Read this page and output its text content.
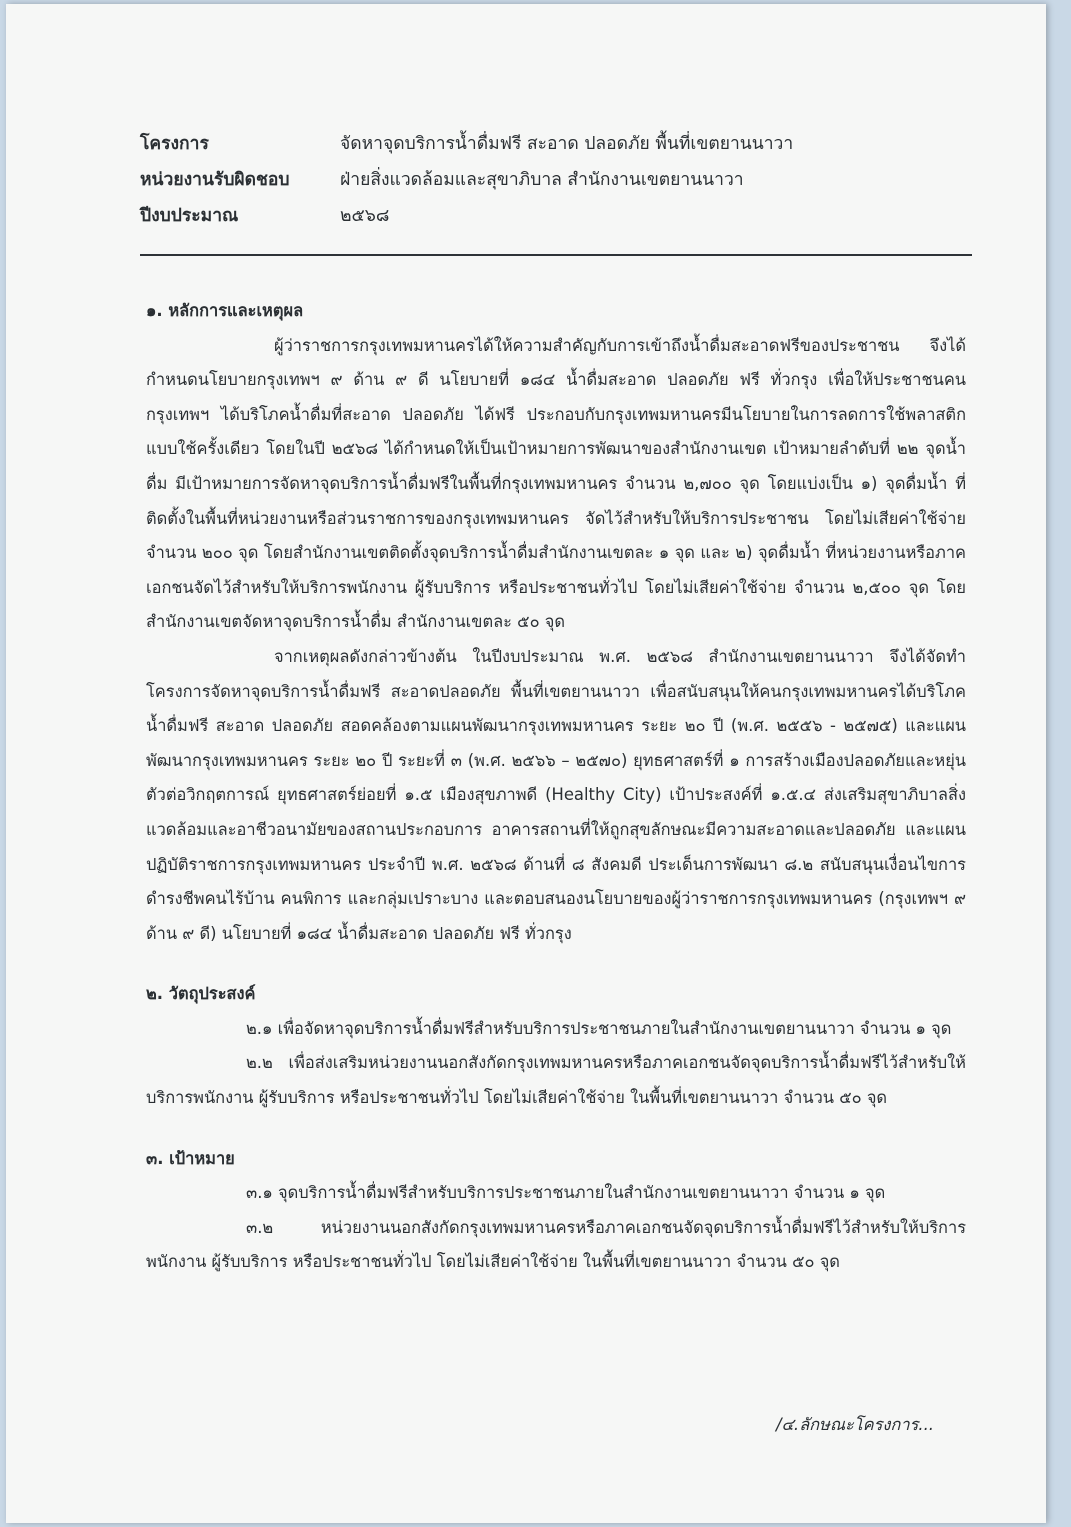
โครงการ	จัดหาจุดบริการน้ำดื่มฟรี สะอาด ปลอดภัย พื้นที่เขตยานนาวา
หน่วยงานรับผิดชอบ	ฝ่ายสิ่งแวดล้อมและสุขาภิบาล สำนักงานเขตยานนาวา
ปีงบประมาณ	๒๕๖๘

๑. หลักการและเหตุผล

ผู้ว่าราชการกรุงเทพมหานครได้ให้ความสำคัญกับการเข้าถึงน้ำดื่มสะอาดฟรีของประชาชน จึงได้กำหนดนโยบายกรุงเทพฯ ๙ ด้าน ๙ ดี นโยบายที่ ๑๘๔ น้ำดื่มสะอาด ปลอดภัย ฟรี ทั่วกรุง เพื่อให้ประชาชนคนกรุงเทพฯ ได้บริโภคน้ำดื่มที่สะอาด ปลอดภัย ได้ฟรี ประกอบกับกรุงเทพมหานครมีนโยบายในการลดการใช้พลาสติกแบบใช้ครั้งเดียว โดยในปี ๒๕๖๘ ได้กำหนดให้เป็นเป้าหมายการพัฒนาของสำนักงานเขต เป้าหมายลำดับที่ ๒๒ จุดน้ำดื่ม มีเป้าหมายการจัดหาจุดบริการน้ำดื่มฟรีในพื้นที่กรุงเทพมหานคร จำนวน ๒,๗๐๐ จุด โดยแบ่งเป็น ๑) จุดดื่มน้ำ ที่ติดตั้งในพื้นที่หน่วยงานหรือส่วนราชการของกรุงเทพมหานคร จัดไว้สำหรับให้บริการประชาชน โดยไม่เสียค่าใช้จ่าย จำนวน ๒๐๐ จุด โดยสำนักงานเขตติดตั้งจุดบริการน้ำดื่มสำนักงานเขตละ ๑ จุด และ ๒) จุดดื่มน้ำ ที่หน่วยงานหรือภาคเอกชนจัดไว้สำหรับให้บริการพนักงาน ผู้รับบริการ หรือประชาชนทั่วไป โดยไม่เสียค่าใช้จ่าย จำนวน ๒,๕๐๐ จุด โดยสำนักงานเขตจัดหาจุดบริการน้ำดื่ม สำนักงานเขตละ ๕๐ จุด

จากเหตุผลดังกล่าวข้างต้น ในปีงบประมาณ พ.ศ. ๒๕๖๘ สำนักงานเขตยานนาวา จึงได้จัดทำโครงการจัดหาจุดบริการน้ำดื่มฟรี สะอาดปลอดภัย พื้นที่เขตยานนาวา เพื่อสนับสนุนให้คนกรุงเทพมหานครได้บริโภคน้ำดื่มฟรี สะอาด ปลอดภัย สอดคล้องตามแผนพัฒนากรุงเทพมหานคร ระยะ ๒๐ ปี (พ.ศ. ๒๕๕๖ - ๒๕๗๕) และแผนพัฒนากรุงเทพมหานคร ระยะ ๒๐ ปี ระยะที่ ๓ (พ.ศ. ๒๕๖๖ – ๒๕๗๐) ยุทธศาสตร์ที่ ๑ การสร้างเมืองปลอดภัยและหยุ่นตัวต่อวิกฤตการณ์ ยุทธศาสตร์ย่อยที่ ๑.๕ เมืองสุขภาพดี (Healthy City) เป้าประสงค์ที่ ๑.๕.๔ ส่งเสริมสุขาภิบาลสิ่งแวดล้อมและอาชีวอนามัยของสถานประกอบการ อาคารสถานที่ให้ถูกสุขลักษณะมีความสะอาดและปลอดภัย และแผนปฏิบัติราชการกรุงเทพมหานคร ประจำปี พ.ศ. ๒๕๖๘ ด้านที่ ๘ สังคมดี ประเด็นการพัฒนา ๘.๒ สนับสนุนเงื่อนไขการดำรงชีพคนไร้บ้าน คนพิการ และกลุ่มเปราะบาง และตอบสนองนโยบายของผู้ว่าราชการกรุงเทพมหานคร (กรุงเทพฯ ๙ ด้าน ๙ ดี) นโยบายที่ ๑๘๔ น้ำดื่มสะอาด ปลอดภัย ฟรี ทั่วกรุง

๒. วัตถุประสงค์

๒.๑ เพื่อจัดหาจุดบริการน้ำดื่มฟรีสำหรับบริการประชาชนภายในสำนักงานเขตยานนาวา จำนวน ๑ จุด

๒.๒ เพื่อส่งเสริมหน่วยงานนอกสังกัดกรุงเทพมหานครหรือภาคเอกชนจัดจุดบริการน้ำดื่มฟรีไว้สำหรับให้บริการพนักงาน ผู้รับบริการ หรือประชาชนทั่วไป โดยไม่เสียค่าใช้จ่าย ในพื้นที่เขตยานนาวา จำนวน ๕๐ จุด

๓. เป้าหมาย

๓.๑ จุดบริการน้ำดื่มฟรีสำหรับบริการประชาชนภายในสำนักงานเขตยานนาวา จำนวน ๑ จุด

๓.๒ หน่วยงานนอกสังกัดกรุงเทพมหานครหรือภาคเอกชนจัดจุดบริการน้ำดื่มฟรีไว้สำหรับให้บริการพนักงาน ผู้รับบริการ หรือประชาชนทั่วไป โดยไม่เสียค่าใช้จ่าย ในพื้นที่เขตยานนาวา จำนวน ๕๐ จุด

/๔.ลักษณะโครงการ...
